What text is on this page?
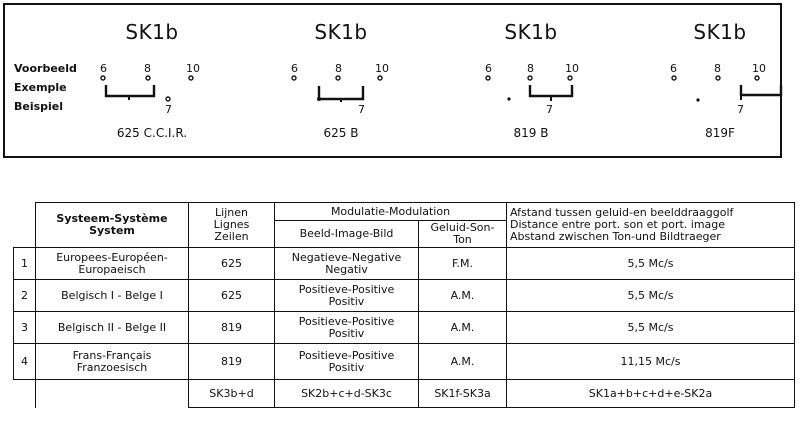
Voorbeeld
Exemple
Beispiel
SK1b
6	8	10
7
625 C.C.I.R.
SK1b
6	8	10
7
625 B
SK1b
6	8	10
7
819 B
SK1b
6	8	10
7
819F

	Systeem-Système
System	Lijnen
Lignes
Zeilen	Modulatie-Modulation		Afstand tussen geluid-en beelddraaggolf
Distance entre port. son et port. image
Abstand zwischen Ton-und Bildtraeger

			Beeld-Image-Bild	Geluid-Son-
Ton	

1	Europees-Européen-
Europaeisch	625	Negatieve-Negative
Negativ	F.M.	5,5 Mc/s
2	Belgisch I - Belge I	625	Positieve-Positive
Positiv	A.M.	5,5 Mc/s
3	Belgisch II - Belge II	819	Positieve-Positive
Positiv	A.M.	5,5 Mc/s
4	Frans-Français
Franzoesisch	819	Positieve-Positive
Positiv	A.M.	11,15 Mc/s
		SK3b+d	SK2b+c+d-SK3c	SK1f-SK3a	SK1a+b+c+d+e-SK2a
